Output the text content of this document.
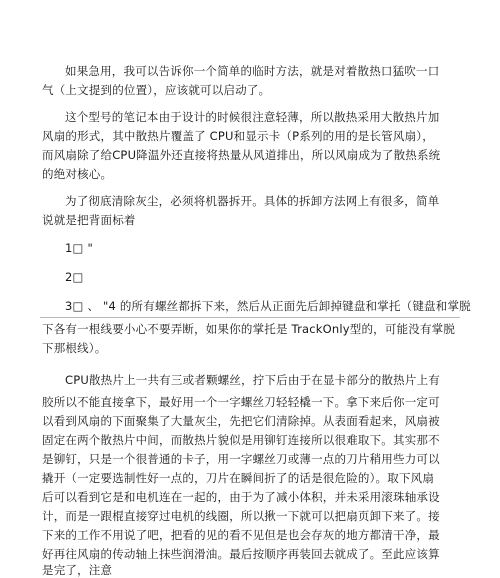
如果急用，我可以告诉你一个简单的临时方法，就是对着散热口猛吹一口
气（上文提到的位置），应该就可以启动了。
这个型号的笔记本由于设计的时候很注意轻薄，所以散热采用大散热片加
风扇的形式，其中散热片覆盖了 CPU和显示卡（P系列的用的是长管风扇），
而风扇除了给CPU降温外还直接将热量从风道排出，所以风扇成为了散热系统
的绝对核心。
为了彻底清除灰尘，必须将机器拆开。具体的拆卸方法网上有很多，简单
说就是把背面标着
1□ "
2□
3□ 、 "4 的所有螺丝都拆下来，然后从正面先后卸掉键盘和掌托（键盘和掌脱
下各有一根线要小心不要弄断，如果你的掌托是 TrackOnly型的，可能没有掌脱
下那根线）。
CPU散热片上一共有三或者颗螺丝，拧下后由于在显卡部分的散热片上有
胶所以不能直接拿下，最好用一个一字螺丝刀轻轻橇一下。拿下来后你一定可
以看到风扇的下面聚集了大量灰尘，先把它们清除掉。从表面看起来，风扇被
固定在两个散热片中间，而散热片貌似是用铆钉连接所以很难取下。其实那不
是铆钉，只是一个很普通的卡子，用一字螺丝刀或薄一点的刀片稍用些力可以
撬开（一定要选制性好一点的，刀片在瞬间折了的话是很危险的）。取下风扇
后可以看到它是和电机连在一起的，由于为了减小体积，并未采用滚珠轴承设
计，而是一跟棍直接穿过电机的线圈，所以揪一下就可以把扇页卸下来了。接
下来的工作不用说了吧，把看的见的看不见但是也会存灰的地方都清干净，最
好再往风扇的传动轴上抹些润滑油。最后按顺序再装回去就成了。至此应该算
是完了，注意
